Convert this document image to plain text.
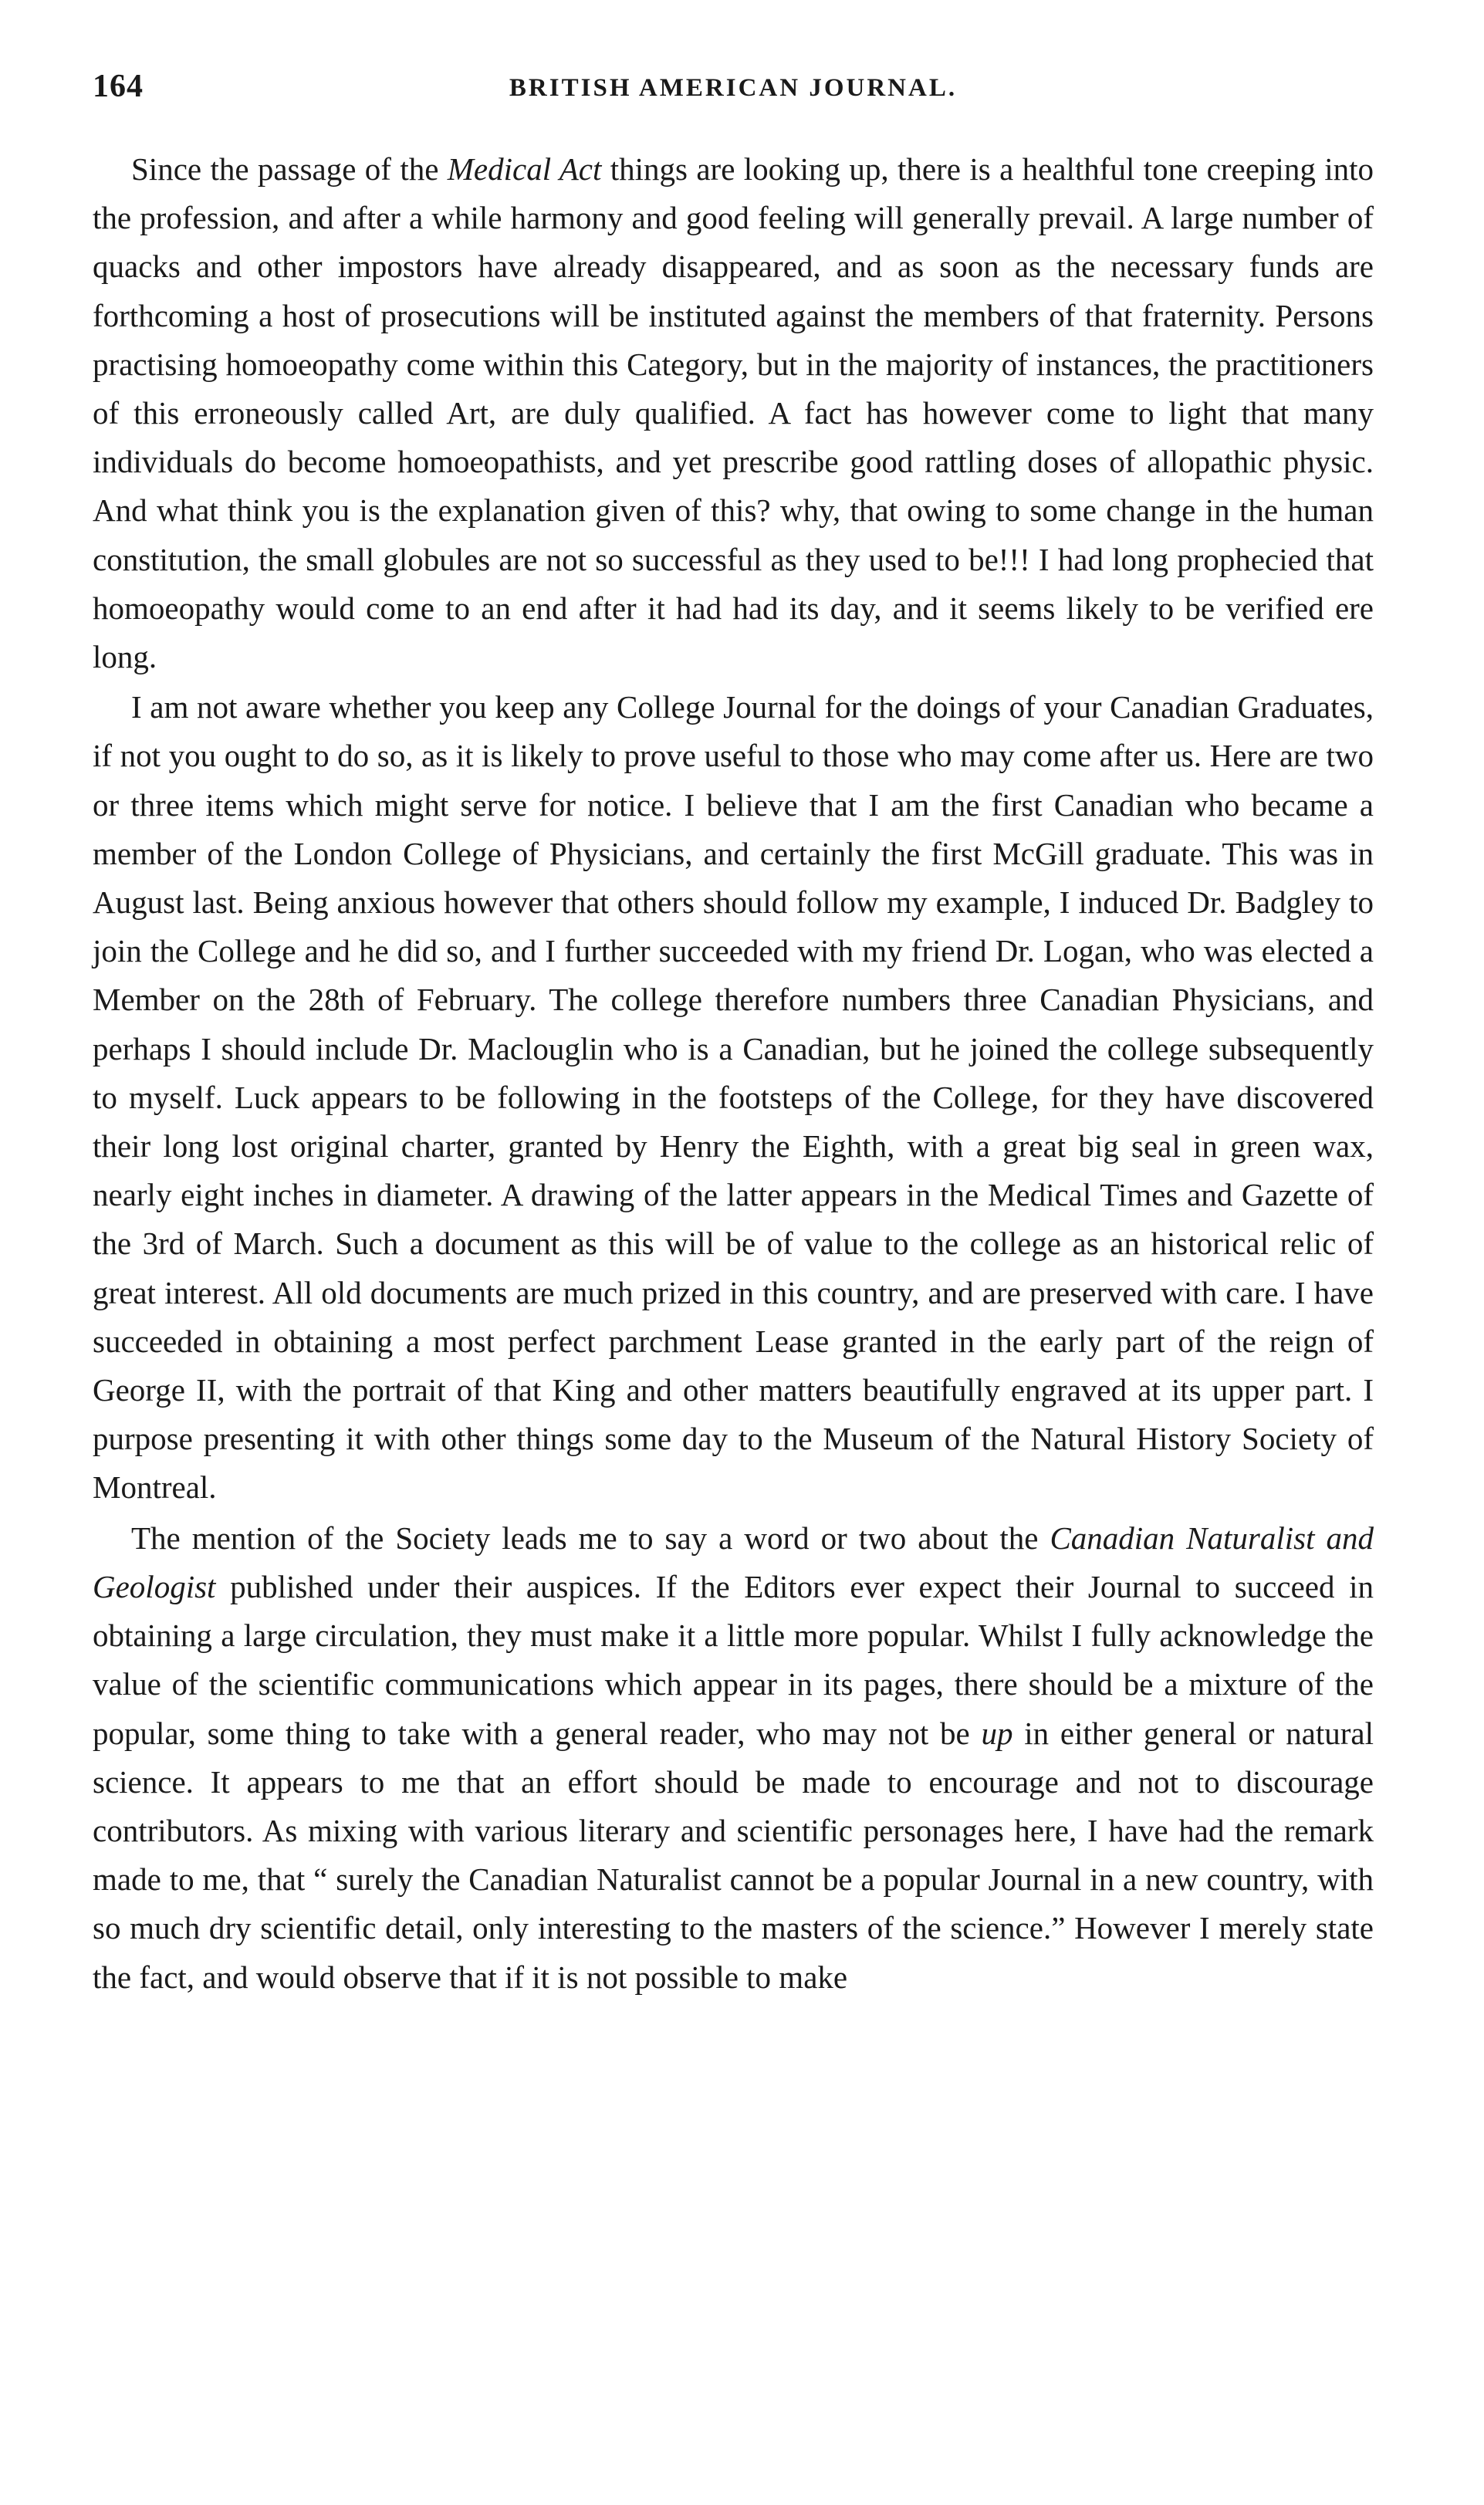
164	BRITISH AMERICAN JOURNAL.

Since the passage of the Medical Act things are looking up, there is a healthful tone creeping into the profession, and after a while harmony and good feeling will generally prevail. A large number of quacks and other impostors have already disappeared, and as soon as the necessary funds are forthcoming a host of prosecutions will be instituted against the members of that fraternity. Persons practising homoeopathy come within this Category, but in the majority of instances, the practitioners of this erroneously called Art, are duly qualified. A fact has however come to light that many individuals do become homoeopathists, and yet prescribe good rattling doses of allopathic physic. And what think you is the explanation given of this? why, that owing to some change in the human constitution, the small globules are not so successful as they used to be!!! I had long prophecied that homoeopathy would come to an end after it had had its day, and it seems likely to be verified ere long.

I am not aware whether you keep any College Journal for the doings of your Canadian Graduates, if not you ought to do so, as it is likely to prove useful to those who may come after us. Here are two or three items which might serve for notice. I believe that I am the first Canadian who became a member of the London College of Physicians, and certainly the first McGill graduate. This was in August last. Being anxious however that others should follow my example, I induced Dr. Badgley to join the College and he did so, and I further succeeded with my friend Dr. Logan, who was elected a Member on the 28th of February. The college therefore numbers three Canadian Physicians, and perhaps I should include Dr. Maclouglin who is a Canadian, but he joined the college subsequently to myself. Luck appears to be following in the footsteps of the College, for they have discovered their long lost original charter, granted by Henry the Eighth, with a great big seal in green wax, nearly eight inches in diameter. A drawing of the latter appears in the Medical Times and Gazette of the 3rd of March. Such a document as this will be of value to the college as an historical relic of great interest. All old documents are much prized in this country, and are preserved with care. I have succeeded in obtaining a most perfect parchment Lease granted in the early part of the reign of George II, with the portrait of that King and other matters beautifully engraved at its upper part. I purpose presenting it with other things some day to the Museum of the Natural History Society of Montreal.

The mention of the Society leads me to say a word or two about the Canadian Naturalist and Geologist published under their auspices. If the Editors ever expect their Journal to succeed in obtaining a large circulation, they must make it a little more popular. Whilst I fully acknowledge the value of the scientific communications which appear in its pages, there should be a mixture of the popular, some thing to take with a general reader, who may not be up in either general or natural science. It appears to me that an effort should be made to encourage and not to discourage contributors. As mixing with various literary and scientific personages here, I have had the remark made to me, that “ surely the Canadian Naturalist cannot be a popular Journal in a new country, with so much dry scientific detail, only interesting to the masters of the science.” However I merely state the fact, and would observe that if it is not possible to make
